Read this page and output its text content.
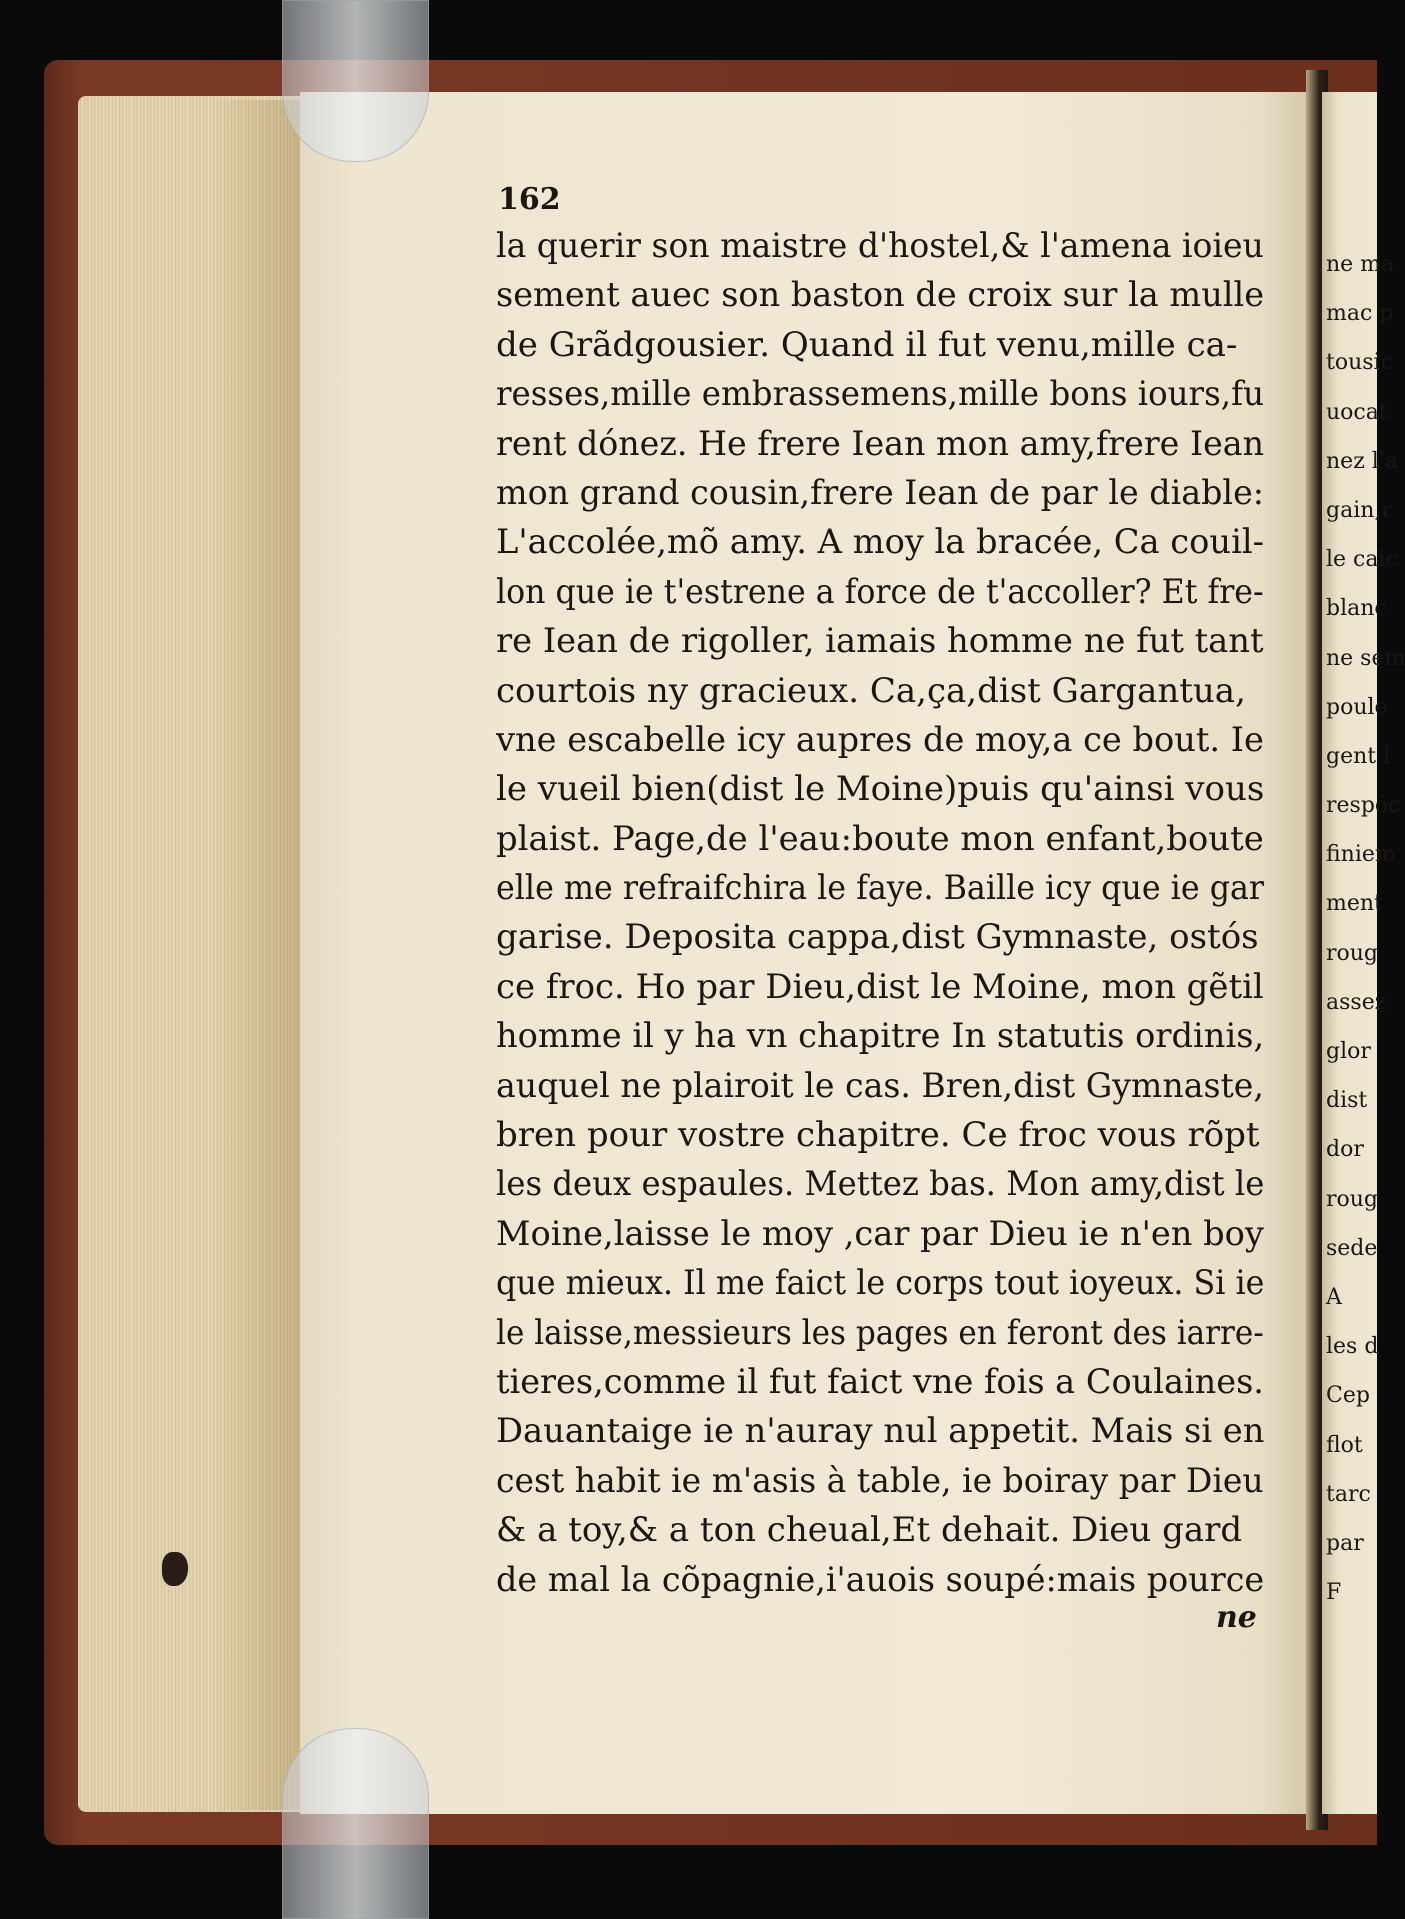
ne ma
mac p
tousic
uocat
nez l'a
gain,r
le caic
blanc
ne sem
poule
gent l
respóc
finiem
ment
roug
assez
glor
dist
dor
roug
sede
A
les d
Cep
flot
tarc
par
F
162
la querir son maistre d'hostel,& l'amena ioieu
sement auec son baston de croix sur la mulle
de Grãdgousier. Quand il fut venu,mille ca-
resses,mille embrassemens,mille bons iours,fu
rent dónez. He frere Iean mon amy,frere Iean
mon grand cousin,frere Iean de par le diable:
L'accolée,mõ amy. A moy la bracée, Ca couil-
lon que ie t'estrene a force de t'accoller? Et fre-
re Iean de rigoller, iamais homme ne fut tant
courtois ny gracieux. Ca,ça,dist Gargantua,
vne escabelle icy aupres de moy,a ce bout. Ie
le vueil bien(dist le Moine)puis qu'ainsi vous
plaist. Page,de l'eau:boute mon enfant,boute
elle me refraifchira le faye. Baille icy que ie gar
garise. Deposita cappa,dist Gymnaste, ostós
ce froc. Ho par Dieu,dist le Moine, mon gẽtil
homme il y ha vn chapitre In statutis ordinis,
auquel ne plairoit le cas. Bren,dist Gymnaste,
bren pour vostre chapitre. Ce froc vous rõpt
les deux espaules. Mettez bas. Mon amy,dist le
Moine,laisse le moy ,car par Dieu ie n'en boy
que mieux. Il me faict le corps tout ioyeux. Si ie
le laisse,messieurs les pages en feront des iarre-
tieres,comme il fut faict vne fois a Coulaines.
Dauantaige ie n'auray nul appetit. Mais si en
cest habit ie m'asis à table, ie boiray par Dieu
& a toy,& a ton cheual,Et dehait. Dieu gard
de mal la cõpagnie,i'auois soupé:mais pource
ne
